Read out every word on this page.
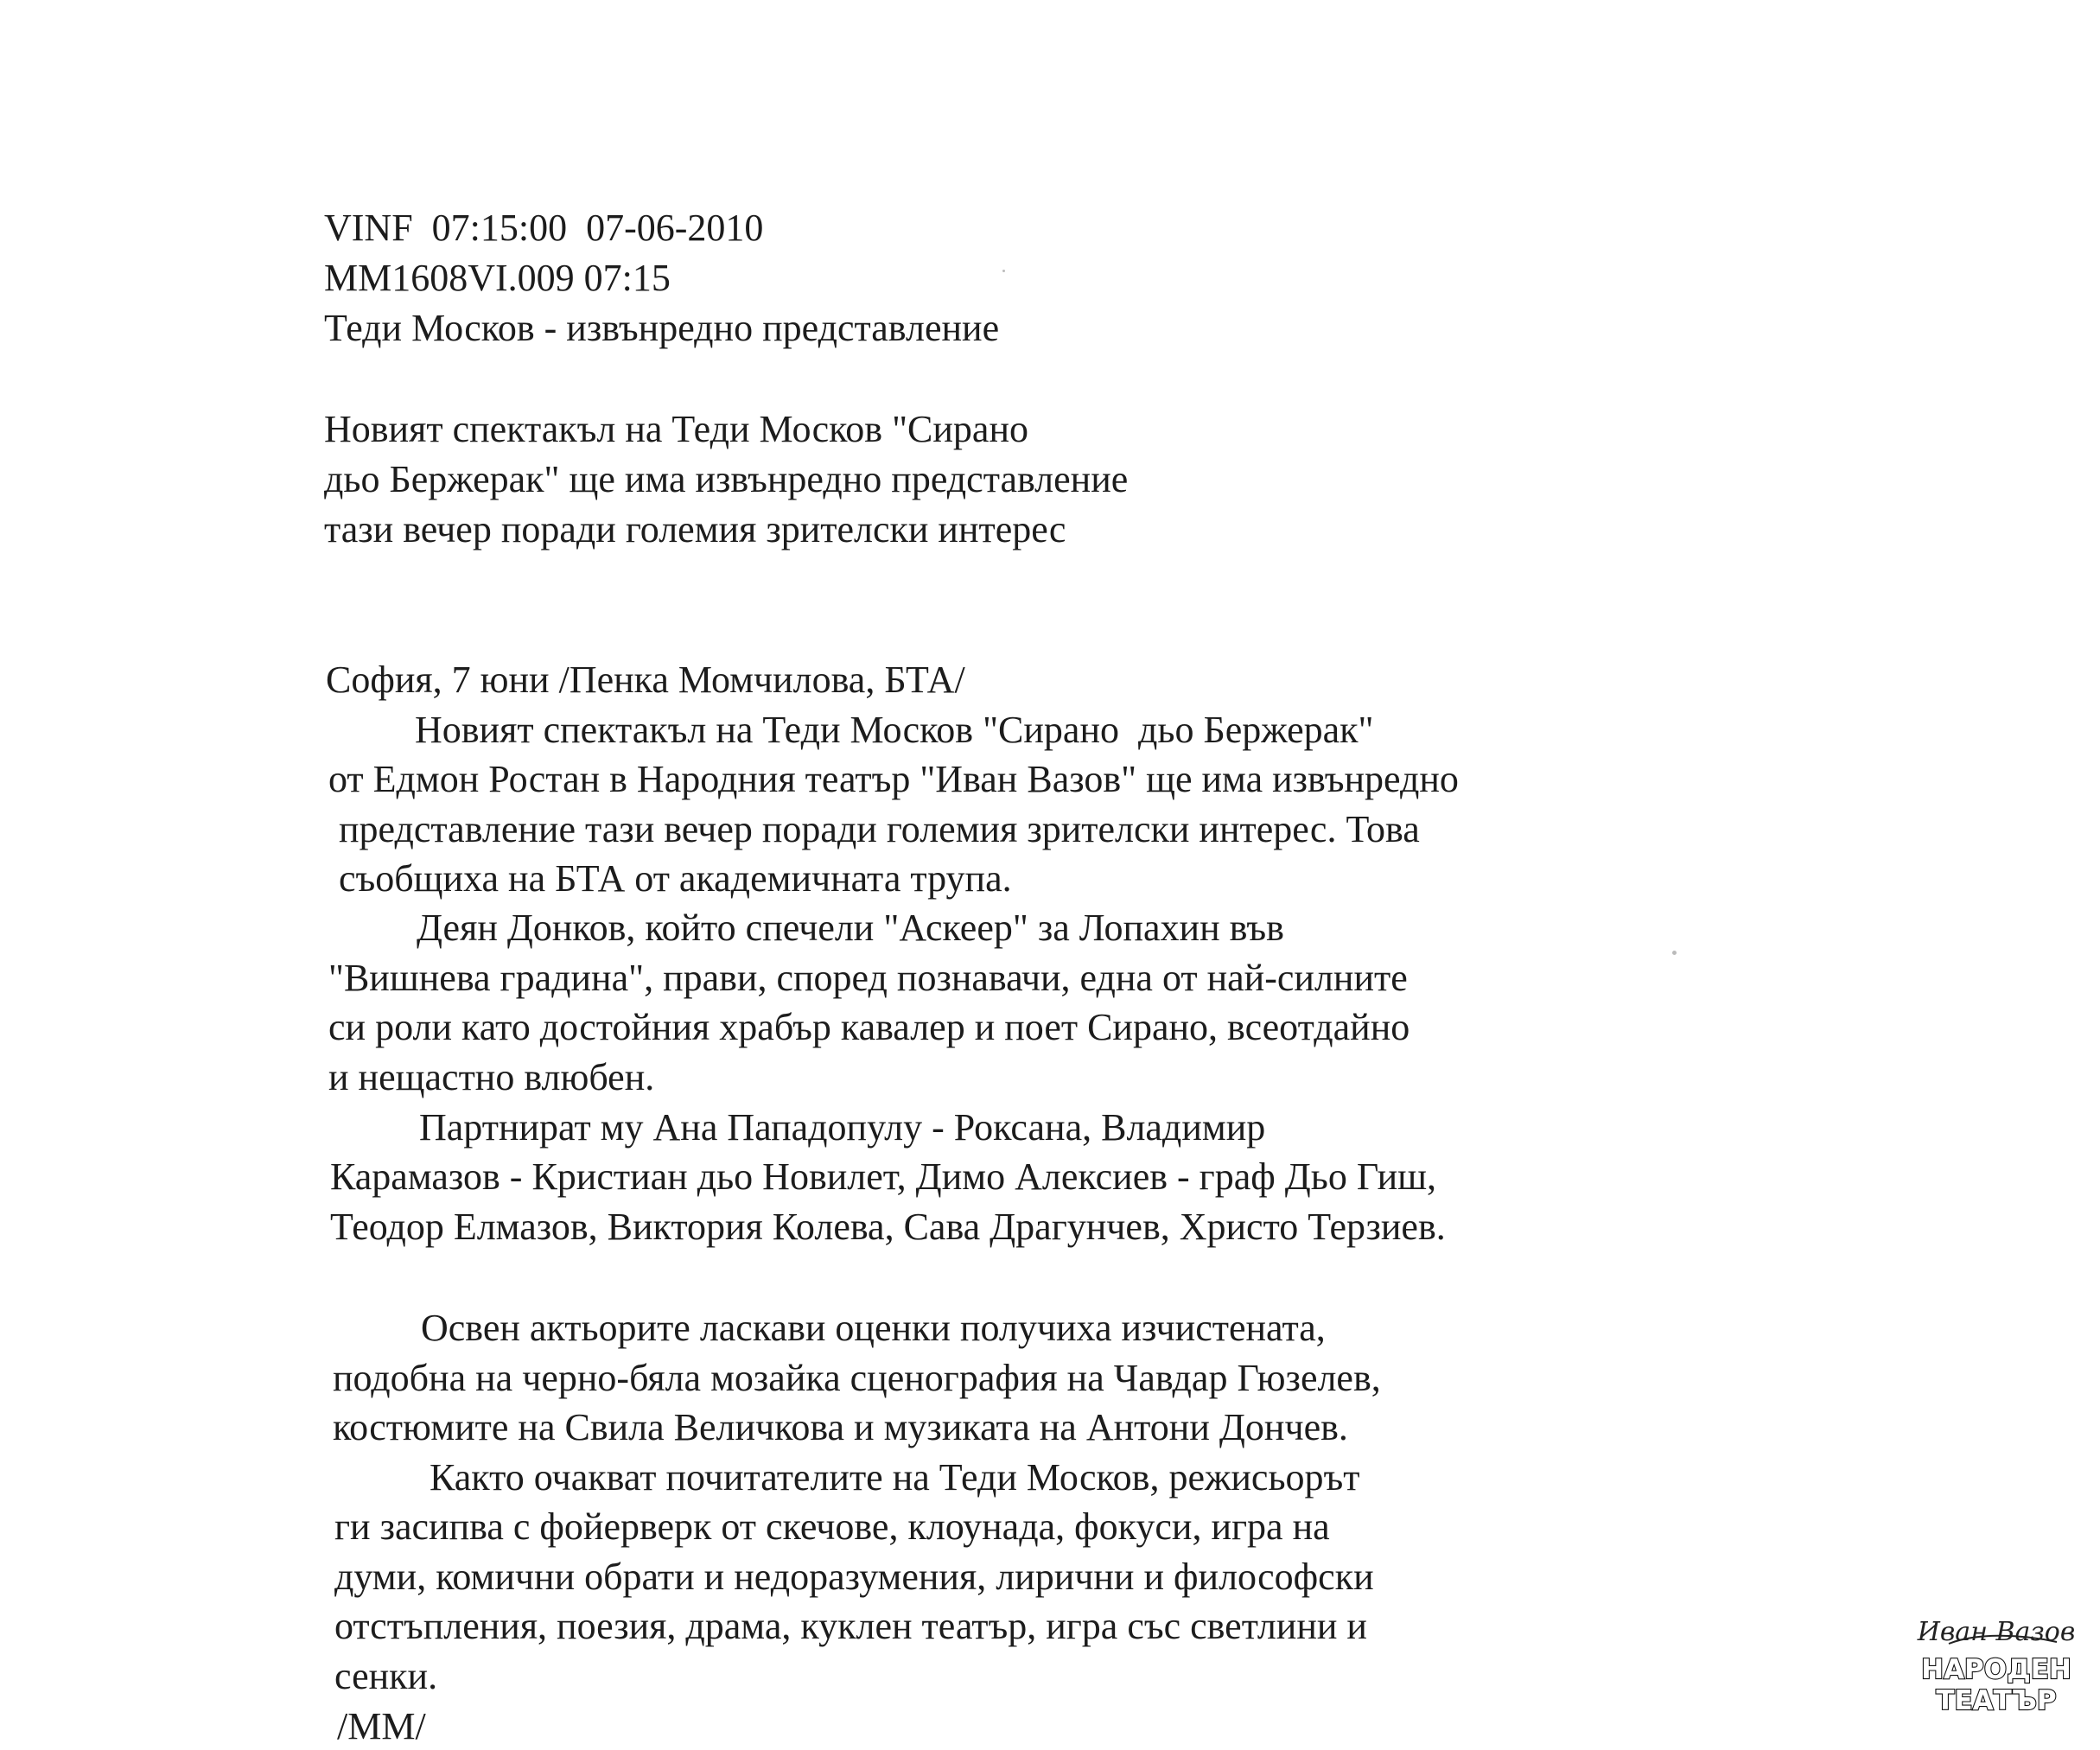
VINF  07:15:00  07-06-2010
MM1608VI.009 07:15
Теди Москов - извънредно представление
Новият спектакъл на Теди Москов "Сирано
дьо Бержерак" ще има извънредно представление
тази вечер поради големия зрителски интерес
София, 7 юни /Пенка Момчилова, БТА/
Новият спектакъл на Теди Москов "Сирано  дьо Бержерак"
от Едмон Ростан в Народния театър "Иван Вазов" ще има извънредно
представление тази вечер поради големия зрителски интерес. Това
съобщиха на БТА от академичната трупа.
Деян Донков, който спечели "Аскеер" за Лопахин във
"Вишнева градина", прави, според познавачи, една от най-силните
си роли като достойния храбър кавалер и поет Сирано, всеотдайно
и нещастно влюбен.
Партнират му Ана Пападопулу - Роксана, Владимир
Карамазов - Кристиан дьо Новилет, Димо Алексиев - граф Дьо Гиш,
Теодор Елмазов, Виктория Колева, Сава Драгунчев, Христо Терзиев.
Освен актьорите ласкави оценки получиха изчистената,
подобна на черно-бяла мозайка сценография на Чавдар Гюзелев,
костюмите на Свила Величкова и музиката на Антони Дончев.
Както очакват почитателите на Теди Москов, режисьорът
ги засипва с фойерверк от скечове, клоунада, фокуси, игра на
думи, комични обрати и недоразумения, лирични и философски
отстъпления, поезия, драма, куклен театър, игра със светлини и
сенки.
/MM/
Иван Вазов
НАРОДЕН
ТЕАТЪР
